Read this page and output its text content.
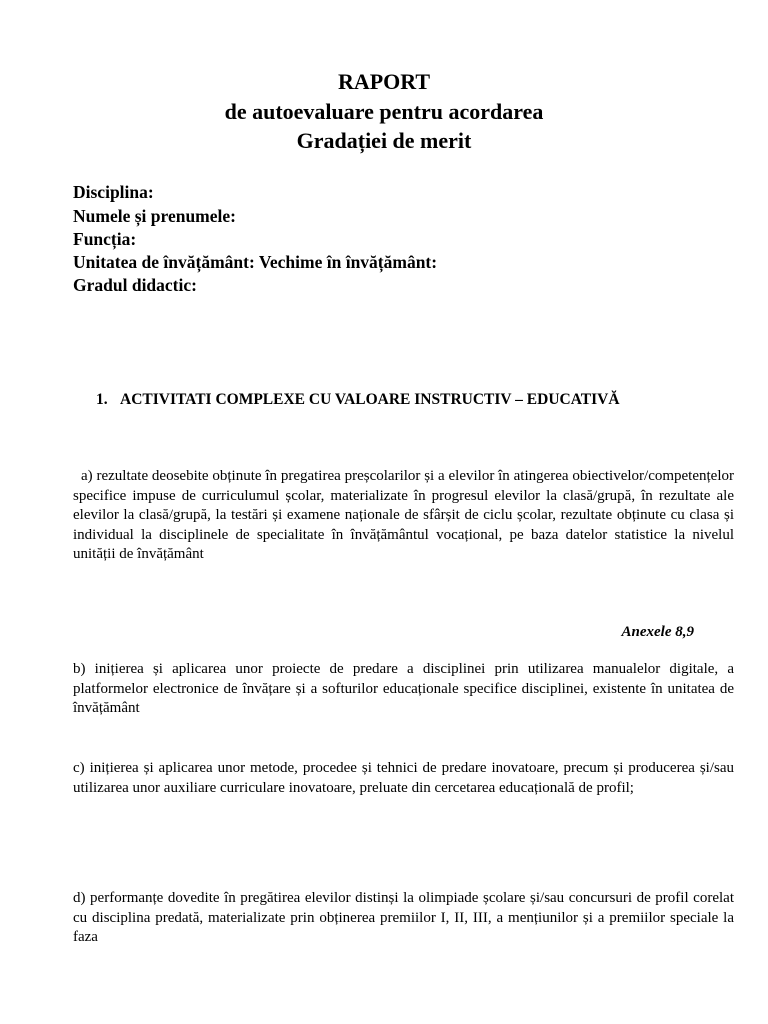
RAPORT
de autoevaluare pentru acordarea
Gradației de merit

Disciplina:

Numele și prenumele:

Funcția:

Unitatea de învățământ: Vechime în învățământ:

Gradul didactic:

1. ACTIVITATI COMPLEXE CU VALOARE INSTRUCTIV – EDUCATIVĂ

a) rezultate deosebite obținute în pregatirea preșcolarilor și a elevilor în atingerea obiectivelor/competențelor specifice impuse de curriculumul școlar, materializate în progresul elevilor la clasă/grupă, în rezultate ale elevilor la clasă/grupă, la testări și examene naționale de sfârșit de ciclu școlar, rezultate obținute cu clasa și individual la disciplinele de specialitate în învățământul vocațional, pe baza datelor statistice la nivelul unității de învățământ

Anexele 8,9

b) inițierea și aplicarea unor proiecte de predare a disciplinei prin utilizarea manualelor digitale, a platformelor electronice de învățare și a softurilor educaționale specifice disciplinei, existente în unitatea de învățământ

c) inițierea și aplicarea unor metode, procedee și tehnici de predare inovatoare, precum și producerea și/sau utilizarea unor auxiliare curriculare inovatoare, preluate din cercetarea educațională de profil;

d) performanțe dovedite în pregătirea elevilor distinși la olimpiade școlare și/sau concursuri de profil corelat cu disciplina predată, materializate prin obținerea premiilor I, II, III, a mențiunilor și a premiilor speciale la faza
